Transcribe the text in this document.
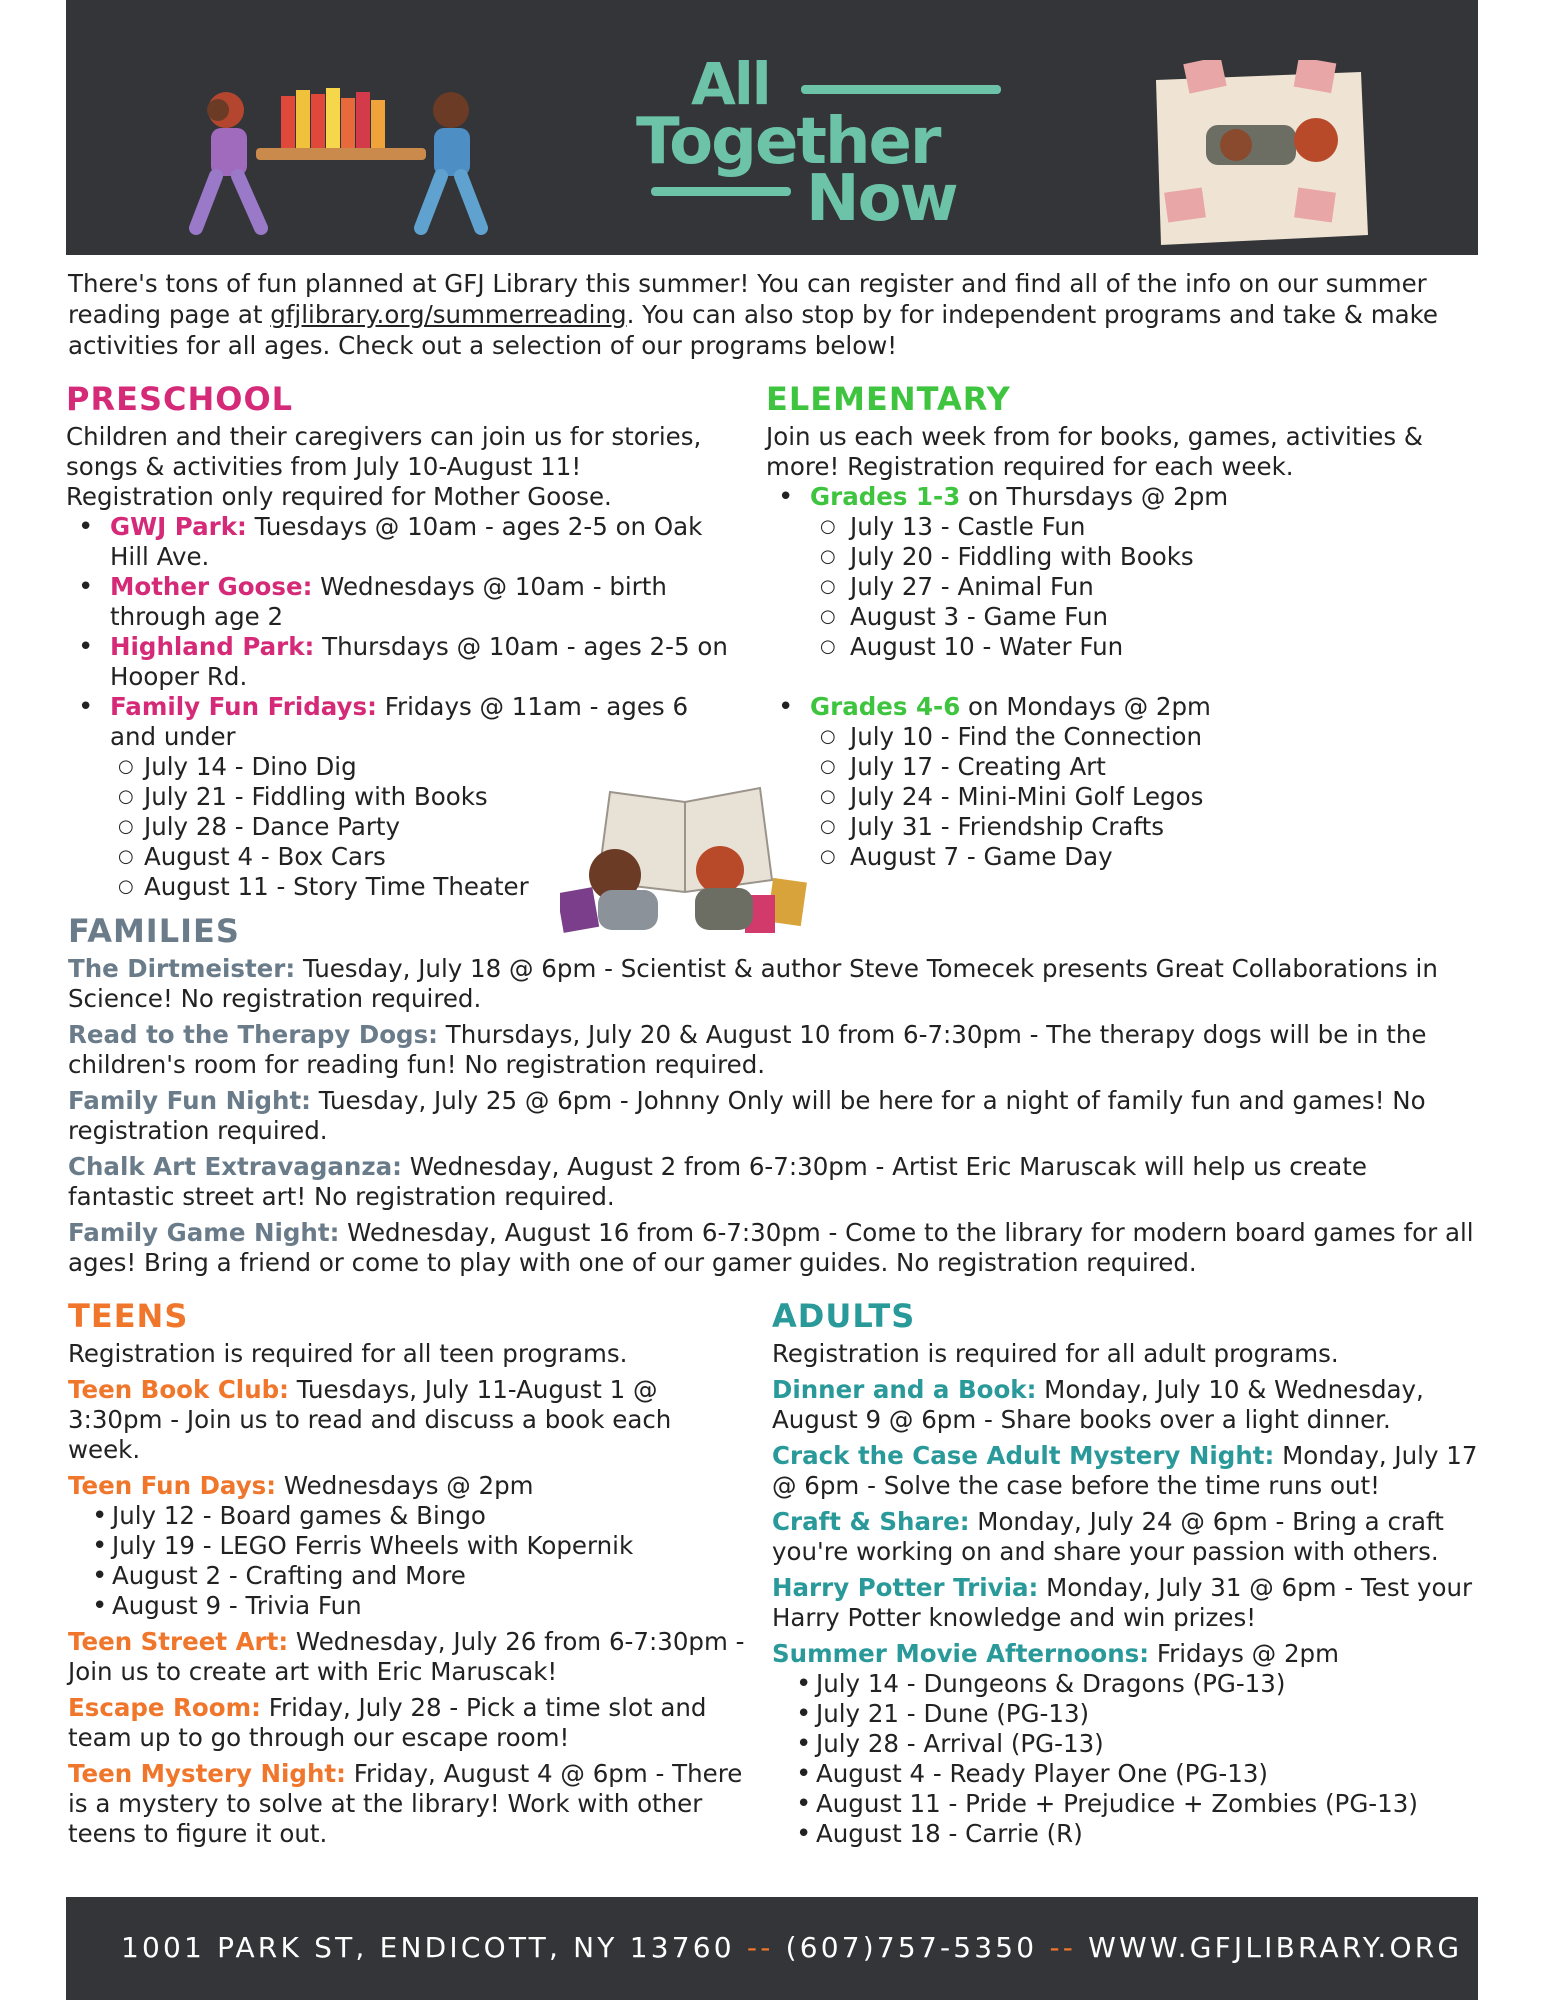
All
Together
Now
There's tons of fun planned at GFJ Library this summer! You can register and find all of the info on our summer reading page at gfjlibrary.org/summerreading. You can also stop by for independent programs and take & make activities for all ages. Check out a selection of our programs below!
PRESCHOOL
Children and their caregivers can join us for stories, songs & activities from July 10-August 11! Registration only required for Mother Goose.
• GWJ Park: Tuesdays @ 10am - ages 2-5 on Oak Hill Ave.
• Mother Goose: Wednesdays @ 10am - birth through age 2
• Highland Park: Thursdays @ 10am - ages 2-5 on Hooper Rd.
• Family Fun Fridays: Fridays @ 11am - ages 6 and under
○ July 14 - Dino Dig
○ July 21 - Fiddling with Books
○ July 28 - Dance Party
○ August 4 - Box Cars
○ August 11 - Story Time Theater
ELEMENTARY
Join us each week from for books, games, activities & more! Registration required for each week.
• Grades 1-3 on Thursdays @ 2pm
○ July 13 - Castle Fun
○ July 20 - Fiddling with Books
○ July 27 - Animal Fun
○ August 3 - Game Fun
○ August 10 - Water Fun
• Grades 4-6 on Mondays @ 2pm
○ July 10 - Find the Connection
○ July 17 - Creating Art
○ July 24 - Mini-Mini Golf Legos
○ July 31 - Friendship Crafts
○ August 7 - Game Day
FAMILIES
The Dirtmeister: Tuesday, July 18 @ 6pm - Scientist & author Steve Tomecek presents Great Collaborations in Science! No registration required.
Read to the Therapy Dogs: Thursdays, July 20 & August 10 from 6-7:30pm - The therapy dogs will be in the children's room for reading fun! No registration required.
Family Fun Night: Tuesday, July 25 @ 6pm - Johnny Only will be here for a night of family fun and games! No registration required.
Chalk Art Extravaganza: Wednesday, August 2 from 6-7:30pm - Artist Eric Maruscak will help us create fantastic street art! No registration required.
Family Game Night: Wednesday, August 16 from 6-7:30pm - Come to the library for modern board games for all ages! Bring a friend or come to play with one of our gamer guides. No registration required.
TEENS
Registration is required for all teen programs.
Teen Book Club: Tuesdays, July 11-August 1 @ 3:30pm - Join us to read and discuss a book each week.
Teen Fun Days: Wednesdays @ 2pm
• July 12 - Board games & Bingo
• July 19 - LEGO Ferris Wheels with Kopernik
• August 2 - Crafting and More
• August 9 - Trivia Fun
Teen Street Art: Wednesday, July 26 from 6-7:30pm - Join us to create art with Eric Maruscak!
Escape Room: Friday, July 28 - Pick a time slot and team up to go through our escape room!
Teen Mystery Night: Friday, August 4 @ 6pm - There is a mystery to solve at the library! Work with other teens to figure it out.
ADULTS
Registration is required for all adult programs.
Dinner and a Book: Monday, July 10 & Wednesday, August 9 @ 6pm - Share books over a light dinner.
Crack the Case Adult Mystery Night: Monday, July 17 @ 6pm - Solve the case before the time runs out!
Craft & Share: Monday, July 24 @ 6pm - Bring a craft you're working on and share your passion with others.
Harry Potter Trivia: Monday, July 31 @ 6pm - Test your Harry Potter knowledge and win prizes!
Summer Movie Afternoons: Fridays @ 2pm
• July 14 - Dungeons & Dragons (PG-13)
• July 21 - Dune (PG-13)
• July 28 - Arrival (PG-13)
• August 4 - Ready Player One (PG-13)
• August 11 - Pride + Prejudice + Zombies (PG-13)
• August 18 - Carrie (R)
1001 PARK ST, ENDICOTT, NY 13760 -- (607)757-5350 -- WWW.GFJLIBRARY.ORG
